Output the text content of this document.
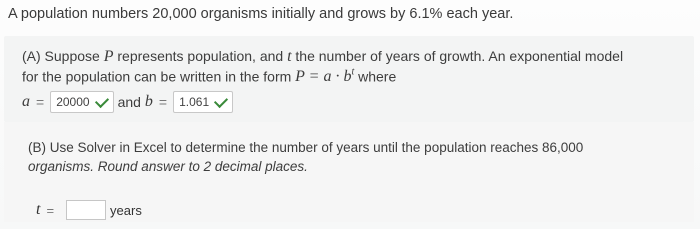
A population numbers 20,000 organisms initially and grows by 6.1% each year.
(A) Suppose P represents population, and t the number of years of growth. An exponential model
for the population can be written in the form $P = a \cdot b^t$ where
a = 20000 and b = 1.061
(B) Use Solver in Excel to determine the number of years until the population reaches 86,000
organisms. Round answer to 2 decimal places.
t =	years
